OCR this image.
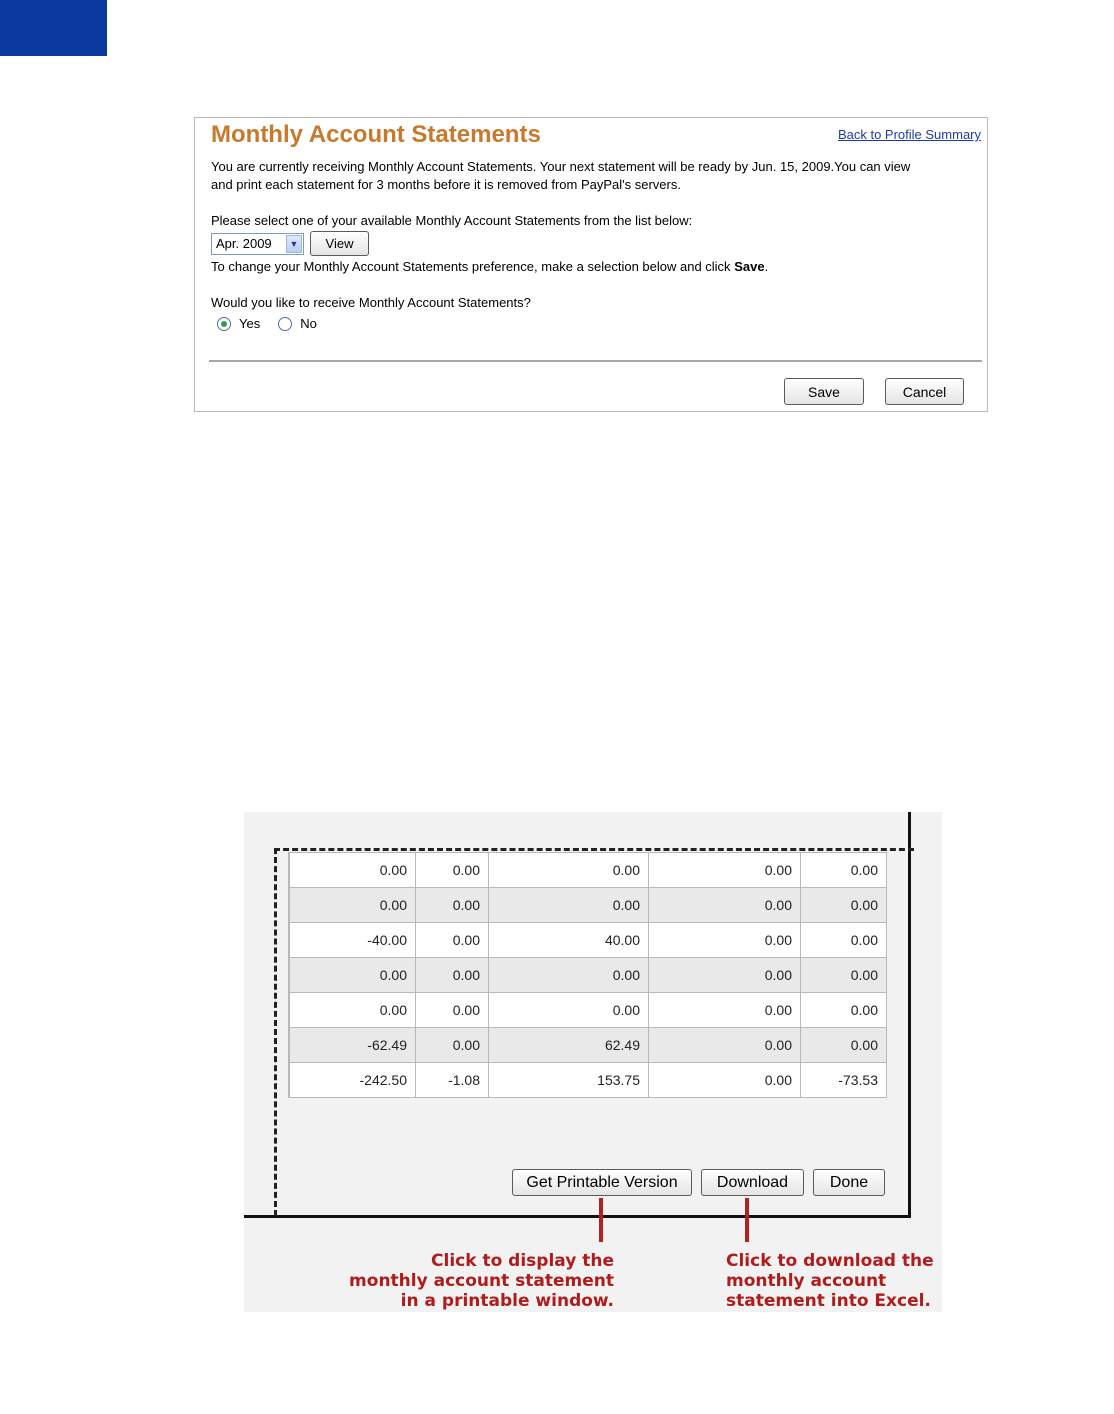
Monthly Account Statements	Back to Profile Summary
You are currently receiving Monthly Account Statements. Your next statement will be ready by Jun. 15, 2009.You can view
and print each statement for 3 months before it is removed from PayPal's servers.
Please select one of your available Monthly Account Statements from the list below:
Apr. 2009	▼	View
To change your Monthly Account Statements preference, make a selection below and click Save.
Would you like to receive Monthly Account Statements?
Yes	No
Save	Cancel
	0.00	0.00	0.00	0.00	0.00
	0.00	0.00	0.00	0.00	0.00
	-40.00	0.00	40.00	0.00	0.00
	0.00	0.00	0.00	0.00	0.00
	0.00	0.00	0.00	0.00	0.00
	-62.49	0.00	62.49	0.00	0.00
	-242.50	-1.08	153.75	0.00	-73.53
Get Printable Version	Download	Done
Click to display the
monthly account statement
in a printable window.
Click to download the
monthly account
statement into Excel.
